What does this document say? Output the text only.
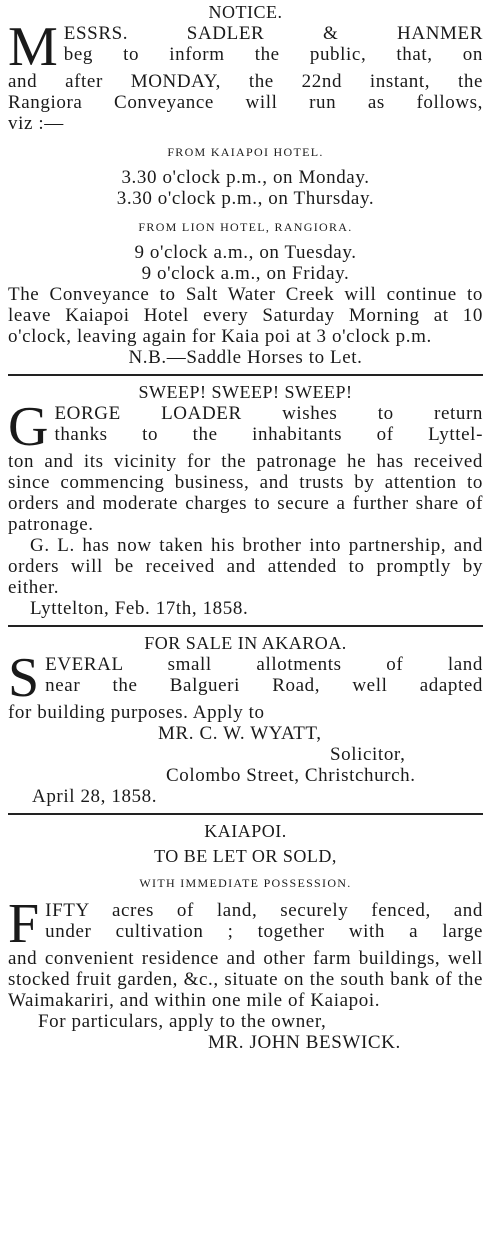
NOTICE.
M ESSRS. SADLER & HANMER
beg to inform the public, that, on
and after MONDAY, the 22nd instant, the
Rangiora Conveyance will run as follows,
viz :—
FROM KAIAPOI HOTEL.
3.30 o'clock p.m., on Monday.
3.30 o'clock p.m., on Thursday.
FROM LION HOTEL, RANGIORA.
9 o'clock a.m., on Tuesday.
9 o'clock a.m., on Friday.
The Conveyance to Salt Water Creek will continue to leave Kaiapoi Hotel every Saturday Morning at 10 o'clock, leaving again for Kaia poi at 3 o'clock p.m.
N.B.—Saddle Horses to Let.
SWEEP! SWEEP! SWEEP!
G EORGE LOADER wishes to return
thanks to the inhabitants of Lyttel-
ton and its vicinity for the patronage he has received since commencing business, and trusts by attention to orders and moderate charges to secure a further share of patronage.
G. L. has now taken his brother into partnership, and orders will be received and attended to promptly by either.
Lyttelton, Feb. 17th, 1858.
FOR SALE IN AKAROA.
S EVERAL small allotments of land
near the Balgueri Road, well adapted
for building purposes. Apply to
MR. C. W. WYATT,
Solicitor,
Colombo Street, Christchurch.
April 28, 1858.
KAIAPOI.
TO BE LET OR SOLD,
WITH IMMEDIATE POSSESSION.
F IFTY acres of land, securely fenced, and
under cultivation ; together with a large
and convenient residence and other farm buildings, well stocked fruit garden, &c., situate on the south bank of the Waimakariri, and within one mile of Kaiapoi.
For particulars, apply to the owner,
MR. JOHN BESWICK.
